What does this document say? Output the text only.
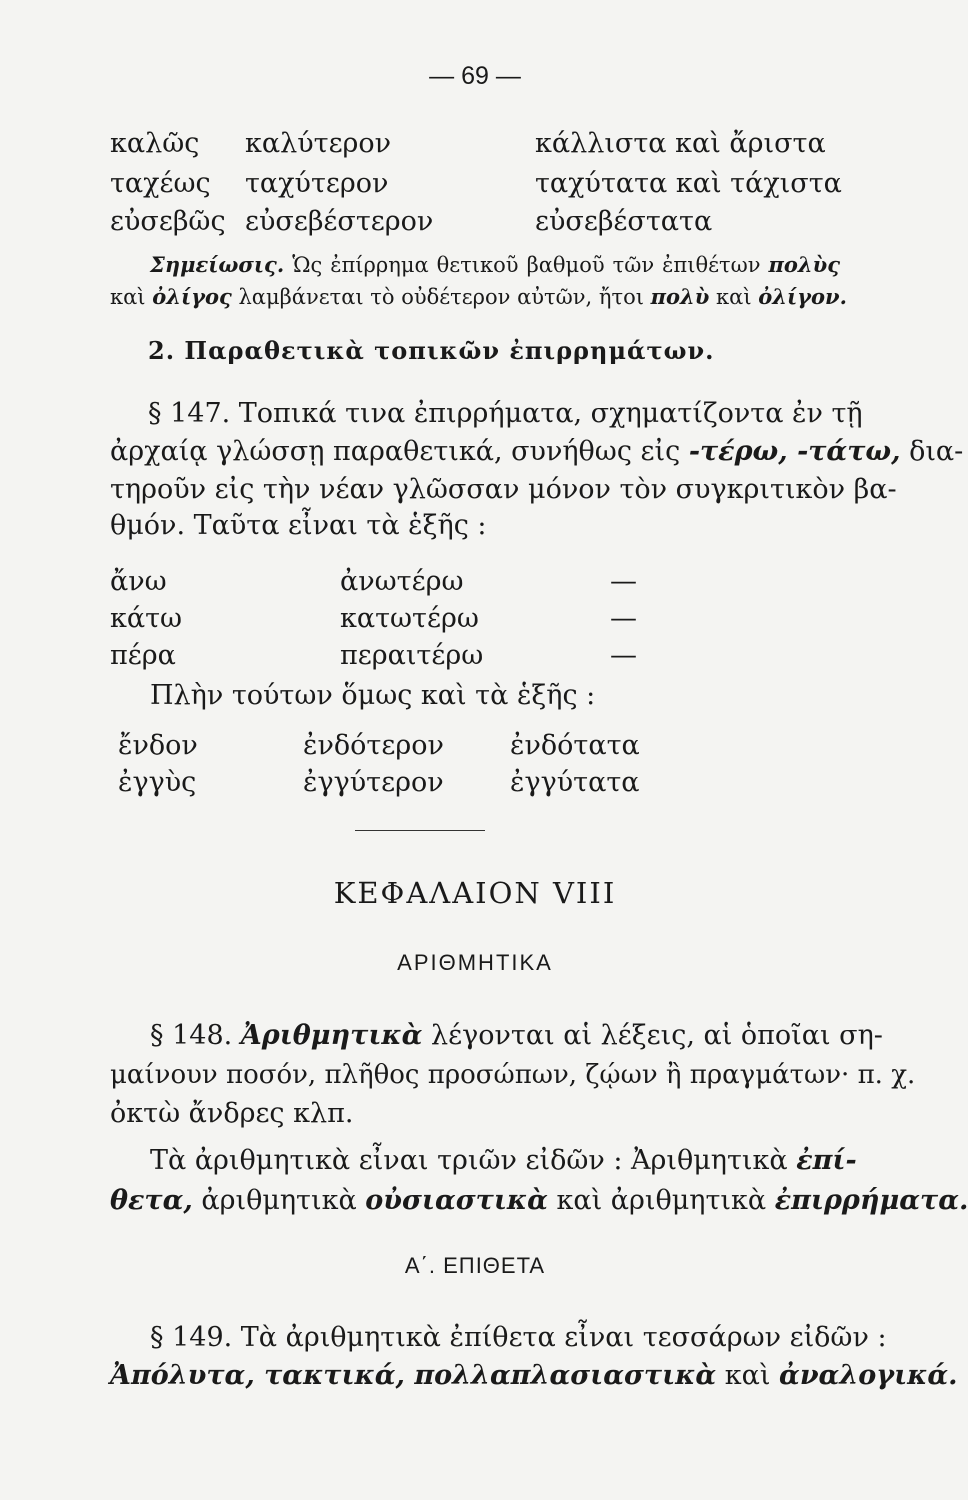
— 69 —
καλῶς καλύτερον	κάλλιστα καὶ ἄριστα
ταχέως ταχύτερον	ταχύτατα καὶ τάχιστα
εὐσεβῶς εὐσεβέστερον	εὐσεβέστατα
Σημείωσις. Ὡς ἐπίρρημα θετικοῦ βαθμοῦ τῶν ἐπιθέτων πολὺς
καὶ ὀλίγος λαμβάνεται τὸ οὐδέτερον αὐτῶν, ἤτοι πολὺ καὶ ὀλίγον.
2. Παραθετικὰ τοπικῶν ἐπιρρημάτων.
§ 147. Τοπικά τινα ἐπιρρήματα, σχηματίζοντα ἐν τῇ
ἀρχαίᾳ γλώσσῃ παραθετικά, συνήθως εἰς -τέρω, -τάτω, δια-
τηροῦν εἰς τὴν νέαν γλῶσσαν μόνον τὸν συγκριτικὸν βα-
θμόν. Ταῦτα εἶναι τὰ ἑξῆς :
ἄνω	ἀνωτέρω	—
κάτω	κατωτέρω	—
πέρα	περαιτέρω	—
Πλὴν τούτων ὅμως καὶ τὰ ἑξῆς :
ἔνδον	ἐνδότερον ἐνδότατα
ἐγγὺς	ἐγγύτερον ἐγγύτατα
ΚΕΦΑΛΑΙΟΝ VIII
ΑΡΙΘΜΗΤΙΚΑ
§ 148. Ἀριθμητικὰ λέγονται αἱ λέξεις, αἱ ὁποῖαι ση-
μαίνουν ποσόν, πλῆθος προσώπων, ζῴων ἢ πραγμάτων· π. χ.
ὀκτὼ ἄνδρες κλπ.
Τὰ ἀριθμητικὰ εἶναι τριῶν εἰδῶν : Ἀριθμητικὰ ἐπί-
θετα, ἀριθμητικὰ οὐσιαστικὰ καὶ ἀριθμητικὰ ἐπιρρήματα.
Α΄. ΕΠΙΘΕΤΑ
§ 149. Τὰ ἀριθμητικὰ ἐπίθετα εἶναι τεσσάρων εἰδῶν :
Ἀπόλυτα, τακτικά, πολλαπλασιαστικὰ καὶ ἀναλογικά.
